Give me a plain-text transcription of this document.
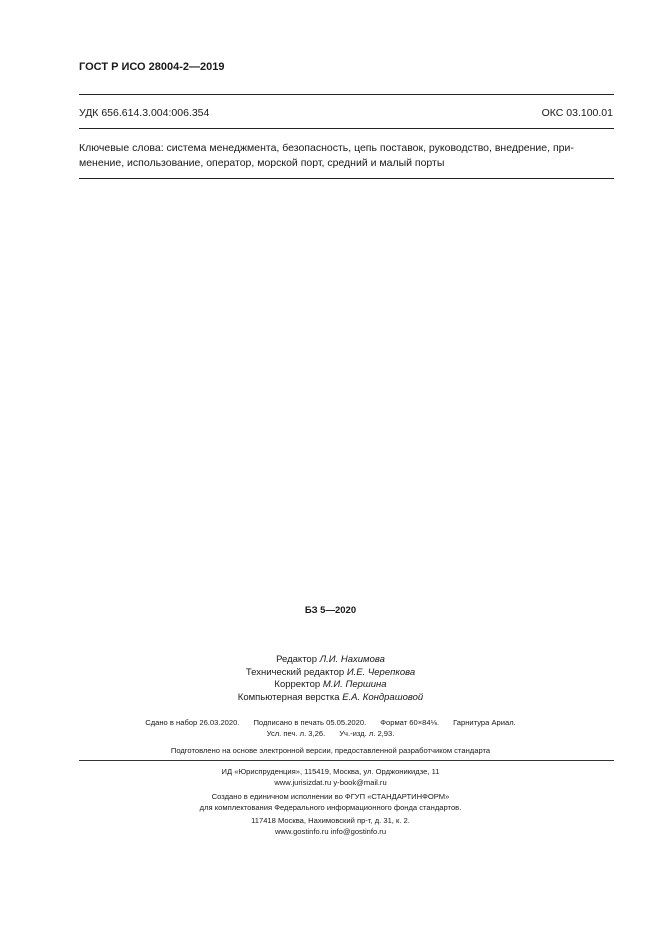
ГОСТ Р ИСО 28004-2—2019
УДК 656.614.3.004:006.354	ОКС 03.100.01
Ключевые слова: система менеджмента, безопасность, цепь поставок, руководство, внедрение, при-
менение, использование, оператор, морской порт, средний и малый порты
БЗ 5—2020
Редактор Л.И. Нахимова
Технический редактор И.Е. Черепкова
Корректор М.И. Першина
Компьютерная верстка Е.А. Кондрашовой
Сдано в набор 26.03.2020. Подписано в печать 05.05.2020. Формат 60×84⅛. Гарнитура Ариал.
Усл. печ. л. 3,26. Уч.-изд. л. 2,93.
Подготовлено на основе электронной версии, предоставленной разработчиком стандарта
ИД «Юриспруденция», 115419, Москва, ул. Орджоникидзе, 11
www.jurisizdat.ru y-book@mail.ru
Создано в единичном исполнении во ФГУП «СТАНДАРТИНФОРМ»
для комплектования Федерального информационного фонда стандартов.
117418 Москва, Нахимовский пр-т, д. 31, к. 2.
www.gostinfo.ru info@gostinfo.ru
